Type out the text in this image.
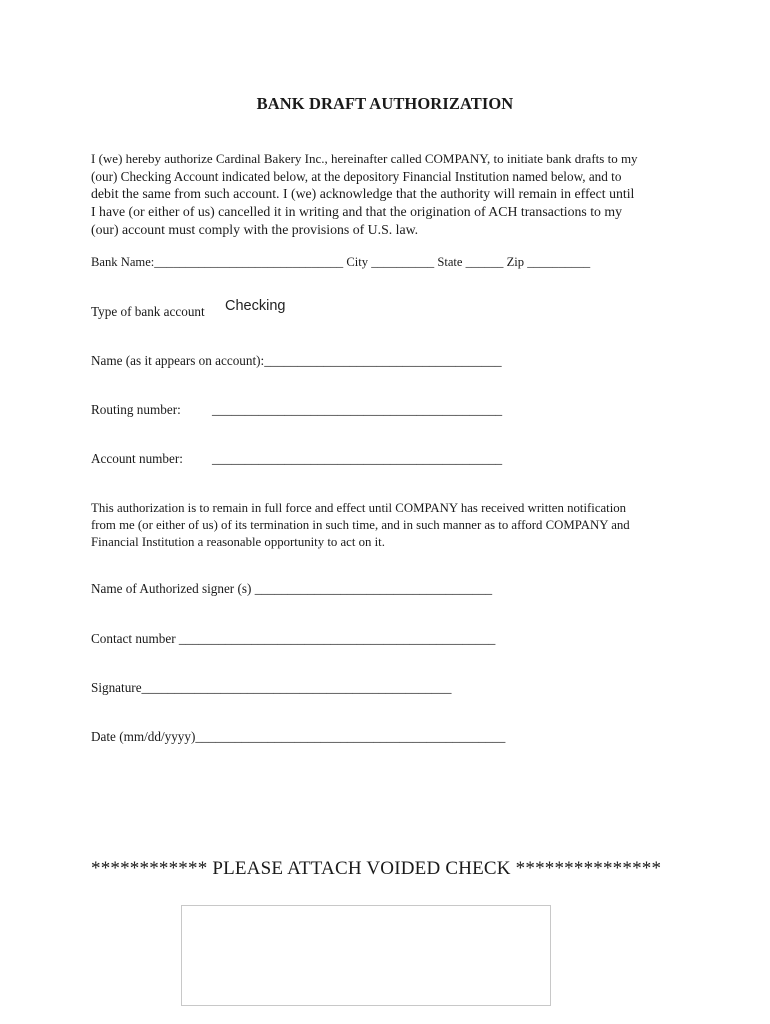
BANK DRAFT AUTHORIZATION
I (we) hereby authorize Cardinal Bakery Inc., hereinafter called COMPANY, to initiate bank drafts to my
(our) Checking Account indicated below, at the depository Financial Institution named below, and to
debit the same from such account. I (we) acknowledge that the authority will remain in effect until
I have (or either of us) cancelled it in writing and that the origination of ACH transactions to my
(our) account must comply with the provisions of U.S. law.
Bank Name:______________________________ City __________ State ______ Zip __________
Type of bank account Checking
Name (as it appears on account):____________________________________
Routing number: ____________________________________________
Account number: ____________________________________________
This authorization is to remain in full force and effect until COMPANY has received written notification
from me (or either of us) of its termination in such time, and in such manner as to afford COMPANY and
Financial Institution a reasonable opportunity to act on it.
Name of Authorized signer (s) ____________________________________
Contact number ________________________________________________
Signature_______________________________________________
Date (mm/dd/yyyy)_______________________________________________
************ PLEASE ATTACH VOIDED CHECK ***************
